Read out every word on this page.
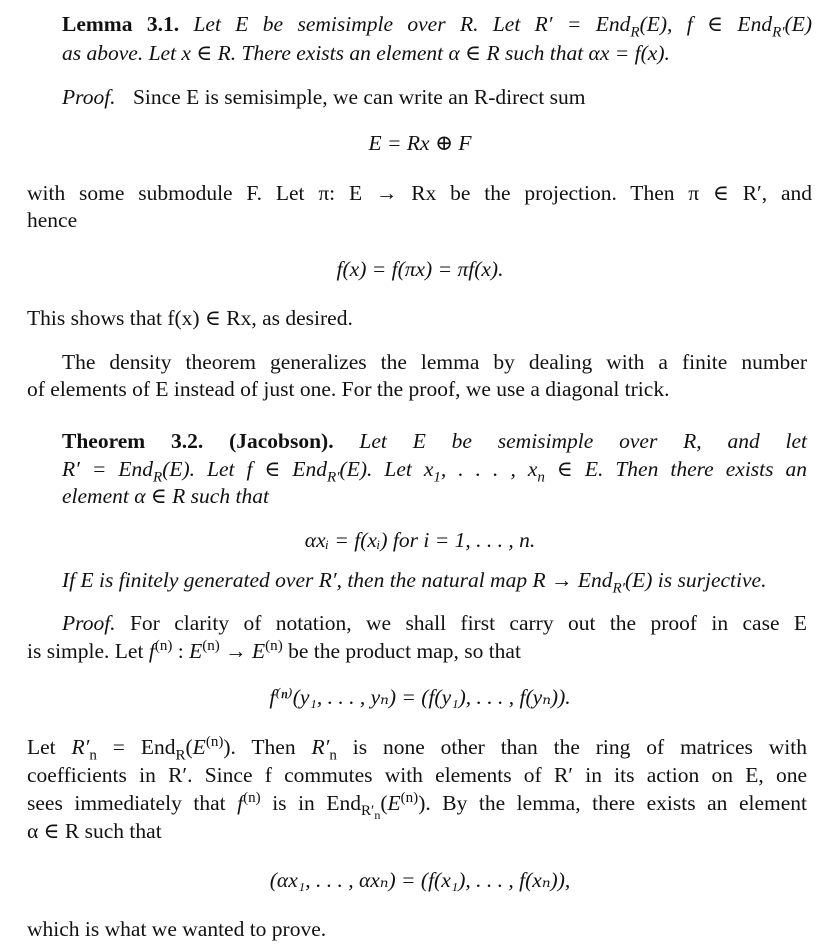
Lemma 3.1. Let E be semisimple over R. Let R′ = End$_R$(E), f ∈ End$_{R'}$(E)
as above. Let x ∈ R. There exists an element α ∈ R such that αx = f(x).
Proof. Since E is semisimple, we can write an R-direct sum
E = Rx ⊕ F
with some submodule F. Let π: E → Rx be the projection. Then π ∈ R′, and
hence
f(x) = f(πx) = πf(x).
This shows that f(x) ∈ Rx, as desired.
The density theorem generalizes the lemma by dealing with a finite number
of elements of E instead of just one. For the proof, we use a diagonal trick.
Theorem 3.2. (Jacobson). Let E be semisimple over R, and let
R′ = End$_R$(E). Let f ∈ End$_{R'}$(E). Let $x_1$, . . . , $x_n$ ∈ E. Then there exists an
element α ∈ R such that
αxᵢ = f(xᵢ) for i = 1, . . . , n.
If E is finitely generated over R′, then the natural map R → End$_{R'}$(E) is surjective.
Proof. For clarity of notation, we shall first carry out the proof in case E
is simple. Let $f^{(n)}$ : $E^{(n)} \to E^{(n)}$ be the product map, so that
f⁽ⁿ⁾(y₁, . . . , yₙ) = (f(y₁), . . . , f(yₙ)).
Let $R'_n = End_R(E^{(n)})$. Then $R'_n$ is none other than the ring of matrices with
coefficients in R′. Since f commutes with elements of R′ in its action on E, one
sees immediately that $f^{(n)}$ is in $End_{R'_n}(E^{(n)})$. By the lemma, there exists an element
α ∈ R such that
(αx₁, . . . , αxₙ) = (f(x₁), . . . , f(xₙ)),
which is what we wanted to prove.
